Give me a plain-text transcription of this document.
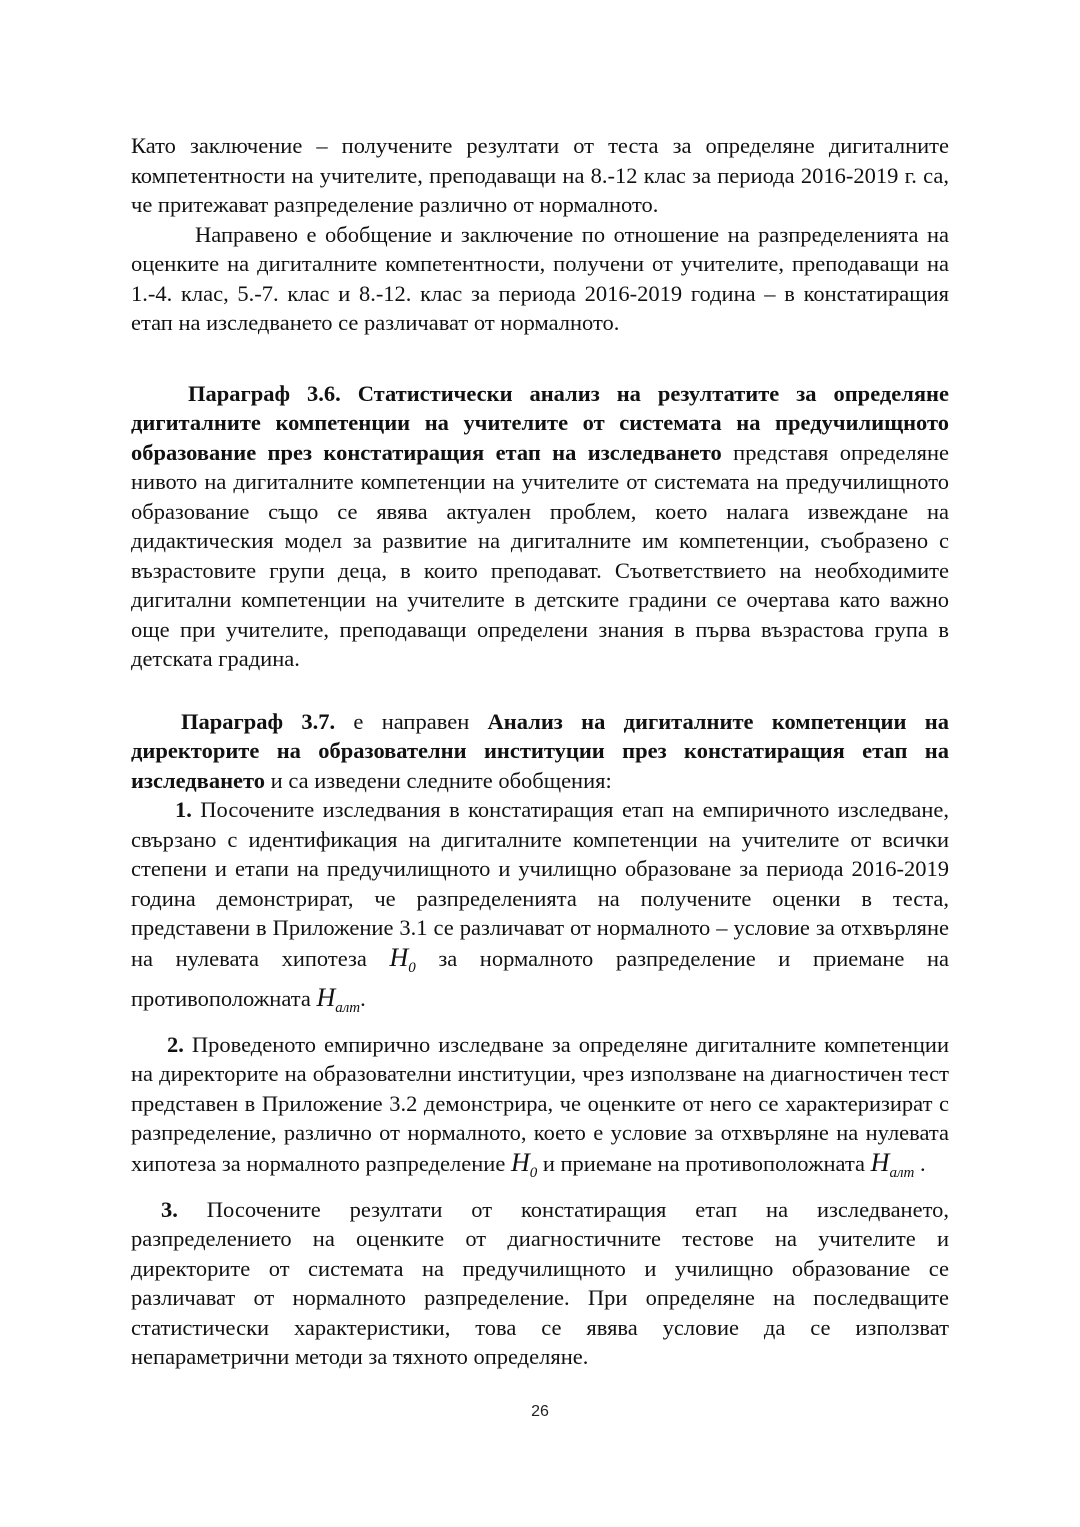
Като заключение – получените резултати от теста за определяне дигиталните компетентности на учителите, преподаващи на 8.-12 клас за периода 2016-2019 г. са, че притежават разпределение различно от нормалното.

Направено е обобщение и заключение по отношение на разпределенията на оценките на дигиталните компетентности, получени от учителите, преподаващи на 1.-4. клас, 5.-7. клас и 8.-12. клас за периода 2016-2019 година – в констатиращия етап на изследването се различават от нормалното.

Параграф 3.6. Статистически анализ на резултатите за определяне дигиталните компетенции на учителите от системата на предучилищното образование през констатиращия етап на изследването представя определяне нивото на дигиталните компетенции на учителите от системата на предучилищното образование също се явява актуален проблем, което налага извеждане на дидактическия модел за развитие на дигиталните им компетенции, съобразено с възрастовите групи деца, в които преподават. Съответствието на необходимите дигитални компетенции на учителите в детските градини се очертава като важно още при учителите, преподаващи определени знания в първа възрастова група в детската градина.

Параграф 3.7. е направен Анализ на дигиталните компетенции на директорите на образователни институции през констатиращия етап на изследването и са изведени следните обобщения:

1. Посочените изследвания в констатиращия етап на емпиричното изследване, свързано с идентификация на дигиталните компетенции на учителите от всички степени и етапи на предучилищното и училищно образоване за периода 2016-2019 година демонстрират, че разпределенията на получените оценки в теста, представени в Приложение 3.1 се различават от нормалното – условие за отхвърляне на нулевата хипотеза $H_0$ за нормалното разпределение и приемане на противоположната $H_{алт}$.

2. Проведеното емпирично изследване за определяне дигиталните компетенции на директорите на образователни институции, чрез използване на диагностичен тест представен в Приложение 3.2 демонстрира, че оценките от него се характеризират с разпределение, различно от нормалното, което е условие за отхвърляне на нулевата хипотеза за нормалното разпределение $H_0$ и приемане на противоположната $H_{алт}$ .

3. Посочените резултати от констатиращия етап на изследването, разпределението на оценките от диагностичните тестове на учителите и директорите от системата на предучилищното и училищно образование се различават от нормалното разпределение. При определяне на последващите статистически характеристики, това се явява условие да се използват непараметрични методи за тяхното определяне.

26
